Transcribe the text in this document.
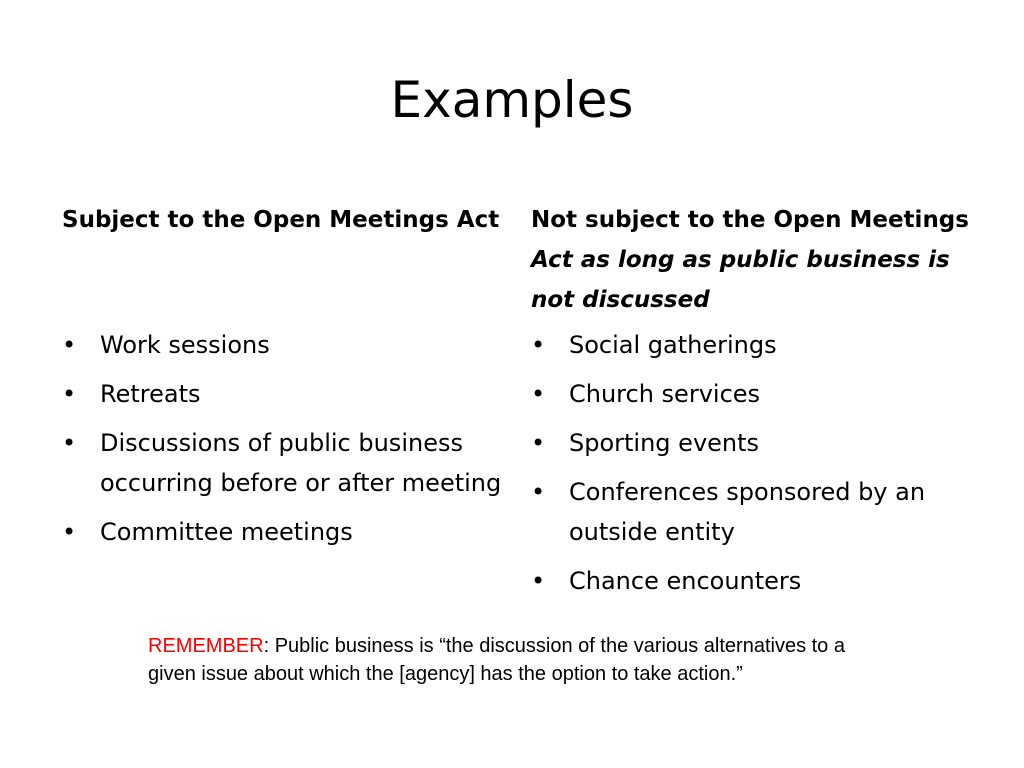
Examples

Subject to the Open Meetings Act

• Work sessions
• Retreats
• Discussions of public business occurring before or after meeting
• Committee meetings

Not subject to the Open Meetings Act as long as public business is not discussed

• Social gatherings
• Church services
• Sporting events
• Conferences sponsored by an outside entity
• Chance encounters

REMEMBER: Public business is “the discussion of the various alternatives to a given issue about which the [agency] has the option to take action.”
